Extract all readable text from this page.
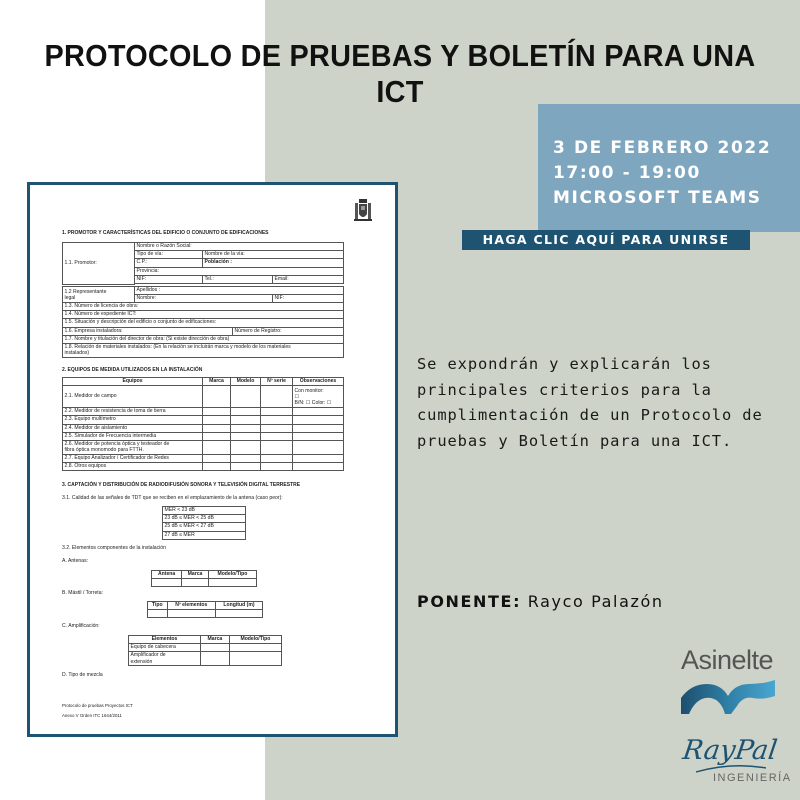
PROTOCOLO DE PRUEBAS Y BOLETÍN PARA UNA ICT
3 DE FEBRERO 2022
17:00 - 19:00
MICROSOFT TEAMS
HAGA CLIC AQUÍ PARA UNIRSE

Se expondrán y explicarán los principales criterios para la cumplimentación de un Protocolo de pruebas y Boletín para una ICT.

PONENTE: Rayco Palazón
Asinelte
RayPal
INGENIERÍA
1. PROMOTOR Y CARACTERÍSTICAS DEL EDIFICIO O CONJUNTO DE EDIFICACIONES
1.1. Promotor:	Nombre o Razón Social:		
	Tipo de vía:	Nombre de la vía:	
	C.P.:	Población :	
	Provincia:		
	NIF:	Tel.:	Email:

1.2 Representante
legal	Apellidos :	
	Nombre:	NIF:
1.3. Número de licencia de obra:
1.4. Número de expediente ICT:
1.5. Situación y descripción del edificio o conjunto de edificaciones:
1.6. Empresa instaladora:	Número de Registro:
1.7. Nombre y titulación del director de obra: (Si existe dirección de obra)
1.8. Relación de materiales instalados: (En la relación se incluirán marca y modelo de los materiales
instalados)
2. EQUIPOS DE MEDIDA UTILIZADOS EN LA INSTALACIÓN
Equipos	Marca	Modelo	Nº serie	Observaciones
2.1. Medidor de campo				Con monitor:
☐
B/N: ☐ Color: ☐
2.2. Medidor de resistencia de toma de tierra				
2.3. Equipo multímetro				
2.4. Medidor de aislamiento				
2.5. Simulador de Frecuencia intermedia				
2.6. Medidor de potencia óptica y testeador de
fibra óptica monomodo para FTTH.				
2.7. Equipo Analizador / Certificador de Redes				
2.8. Otros equipos				
3. CAPTACIÓN Y DISTRIBUCIÓN DE RADIODIFUSIÓN SONORA Y TELEVISIÓN DIGITAL TERRESTRE
3.1. Calidad de las señales de TDT que se reciben en el emplazamiento de la antena (caso peor):
MER < 23 dB
23 dB ≤ MER < 25 dB
25 dB ≤ MER < 27 dB
27 dB ≤ MER
3.2. Elementos componentes de la instalación
A. Antenas:
Antena	Marca	Modelo/Tipo

B. Mástil / Torreta:
Tipo	Nº elementos	Longitud (m)

C. Amplificación:
Elementos	Marca	Modelo/Tipo
Equipo de cabecera		
Amplificador de
extensión		
D. Tipo de mezcla
Protocolo de pruebas Proyectos ICT
Anexo V Orden ITC 1644/2011
